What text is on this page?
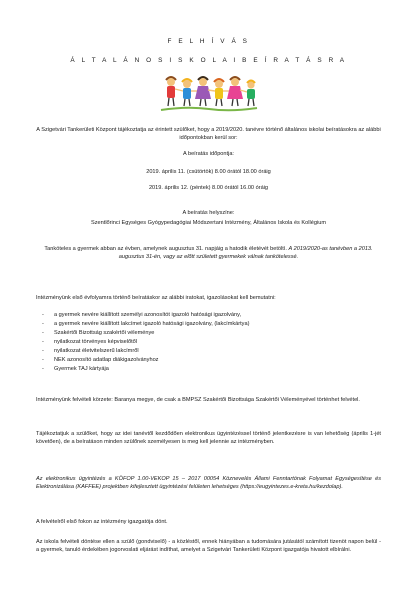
F E L H Í V Á S
Á L T A L Á N O S I S K O L A I B E Í R A T Á S R A
A Szigetvári Tankerületi Központ tájékoztatja az érintett szülőket, hogy a 2019/2020. tanévre történő általános iskolai beíratásokra az alábbi időpontokban kerül sor:
A beíratás időpontja:
2019. április 11. (csütörtök) 8.00 órától 18.00 óráig
2019. április 12. (péntek) 8.00 órától 16.00 óráig
A beíratás helyszíne:
Szentlőrinci Egységes Gyógypedagógiai Módszertani Intézmény, Általános Iskola és Kollégium
Tanköteles a gyermek abban az évben, amelynek augusztus 31. napjáig a hatodik életévét betöltì. A 2019/2020-as tanévben a 2013. augusztus 31-én, vagy az előtt született gyermekek válnak tankötelessé.
Intézményünk első évfolyamra történő beíratáskor az alábbi iratokat, igazolásokat kell bemutatni:
- a gyermek nevére kiállított személyi azonosítót igazoló hatósági igazolvány,
- a gyermek nevére kiállított lakcímet igazoló hatósági igazolvány, (lakcímkártya)
- Szakértői Bizottság szakértői véleménye
- nyilatkozat törvényes képviselőtől
- nyilatkozat életvitelszerű lakcímről
- NEK azonosító adatlap diákigazolványhoz
- Gyermek TAJ kártyája
Intézményünk felvételi körzete: Baranya megye, de csak a BMPSZ Szakértői Bizottsága Szakértői Véleményével történhet felvétel.
Tájékoztatjuk a szülőket, hogy az idei tanévtől kezdődően elektronikus ügyintézéssel történő jelentkezésre is van lehetőség (április 1-jét követően), de a beíratáson minden szülőnek személyesen is meg kell jelennie az intézményben.
Az elektronikus ügyintézés a KÖFOP 1.00-VEKOP 15 – 2017 00054 Köznevelés Állami Fenntartónak Folyamat Egységesítése és Elektronizálása (KAFFEE) projektben kifejlesztett ügyintézési felületen lehetséges (https://eugyintezes.e-kreta.hu/kezdolap).
A felvételről első fokon az intézmény igazgatója dönt.
Az iskola felvételi döntése ellen a szülő (gondviselő) - a közléstől, ennek hiányában a tudomására jutásától számított tizenöt napon belül - a gyermek, tanuló érdekében jogorvoslati eljárást indíthat, amelyet a Szigetvári Tankerületi Központ igazgatója hivatott elbírálni.
